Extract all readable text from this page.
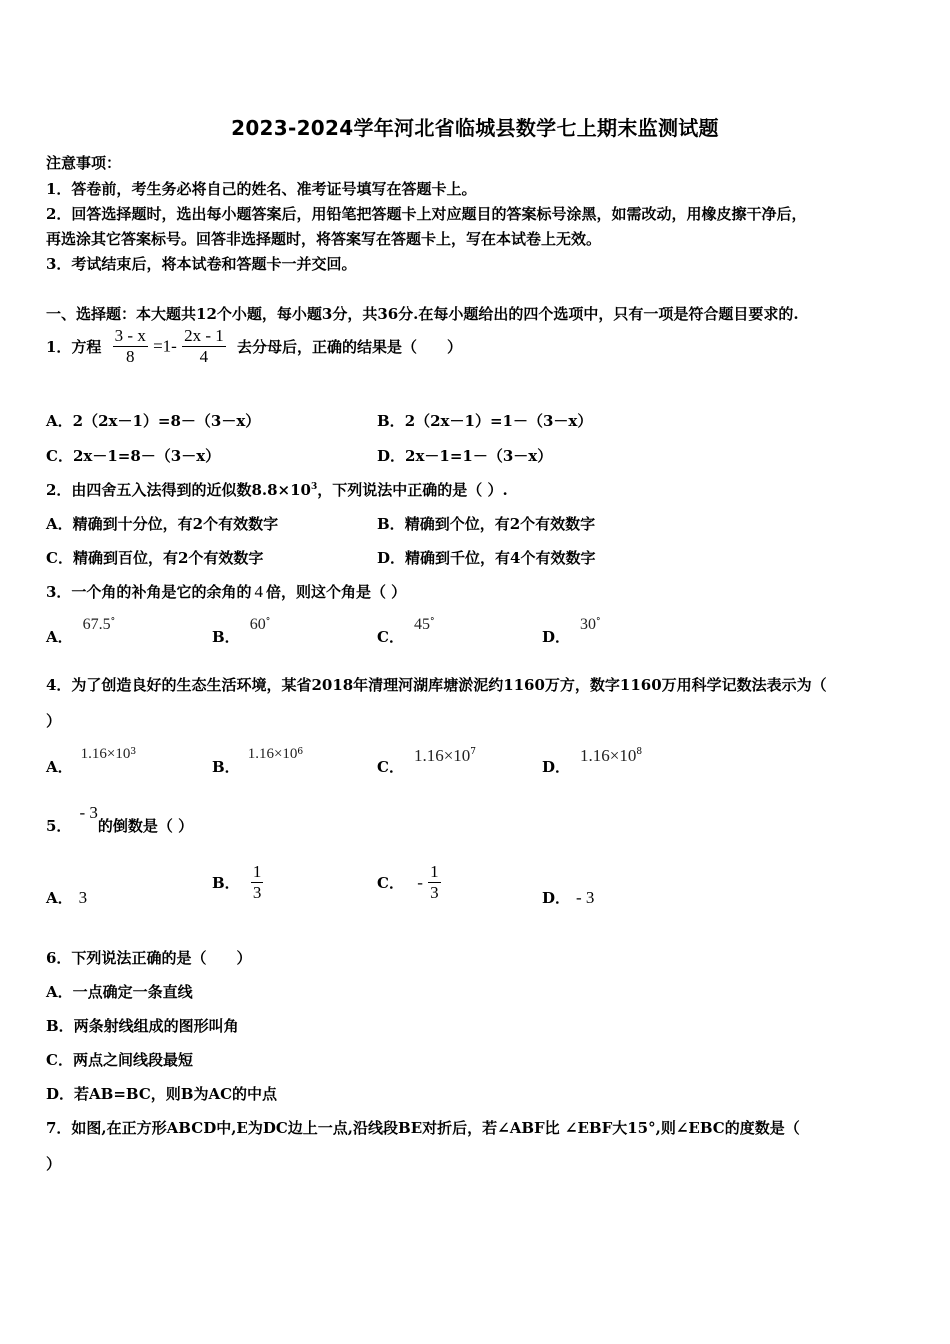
2023-2024学年河北省临城县数学七上期末监测试题
注意事项：
1．答卷前，考生务必将自己的姓名、准考证号填写在答题卡上。
2．回答选择题时，选出每小题答案后，用铅笔把答题卡上对应题目的答案标号涂黑，如需改动，用橡皮擦干净后，
再选涂其它答案标号。回答非选择题时，将答案写在答题卡上，写在本试卷上无效。
3．考试结束后，将本试卷和答题卡一并交回。
一、选择题：本大题共12个小题，每小题3分，共36分.在每小题给出的四个选项中，只有一项是符合题目要求的.
1．方程 $\frac{3 - x}{8} =1- \frac{2x - 1}{4}$ 去分母后，正确的结果是（　　）
A．2（2x－1）=8－（3－x）	B．2（2x－1）=1－（3－x）
C．2x－1=8－（3－x）	D．2x－1=1－（3－x）
2．由四舍五入法得到的近似数$8.8\times 10^3$，下列说法中正确的是（ ）.
A．精确到十分位，有2个有效数字	B．精确到个位，有2个有效数字
C．精确到百位，有2个有效数字	D．精确到千位，有4个有效数字
3．一个角的补角是它的余角的 4 倍，则这个角是（ ）
A．67.5°
B．60°
C．45°
D．30°
4．为了创造良好的生态生活环境，某省2018年清理河湖库塘淤泥约1160万方，数字1160万用科学记数法表示为（
）
A．$1.16\times 10^3$
B．$1.16\times 10^6$
C．$1.16\times 10^7$
D．$1.16\times 10^8$
5．- 3的倒数是（ ）
A． 3
B． $\frac{1}{3}$	C． - $\frac{1}{3}$	D． - 3
6．下列说法正确的是（　　）
A．一点确定一条直线
B．两条射线组成的图形叫角
C．两点之间线段最短
D．若AB=BC，则B为AC的中点
7．如图,在正方形ABCD中,E为DC边上一点,沿线段BE对折后，若∠ABF比 ∠EBF大15°,则∠EBC的度数是（
）
